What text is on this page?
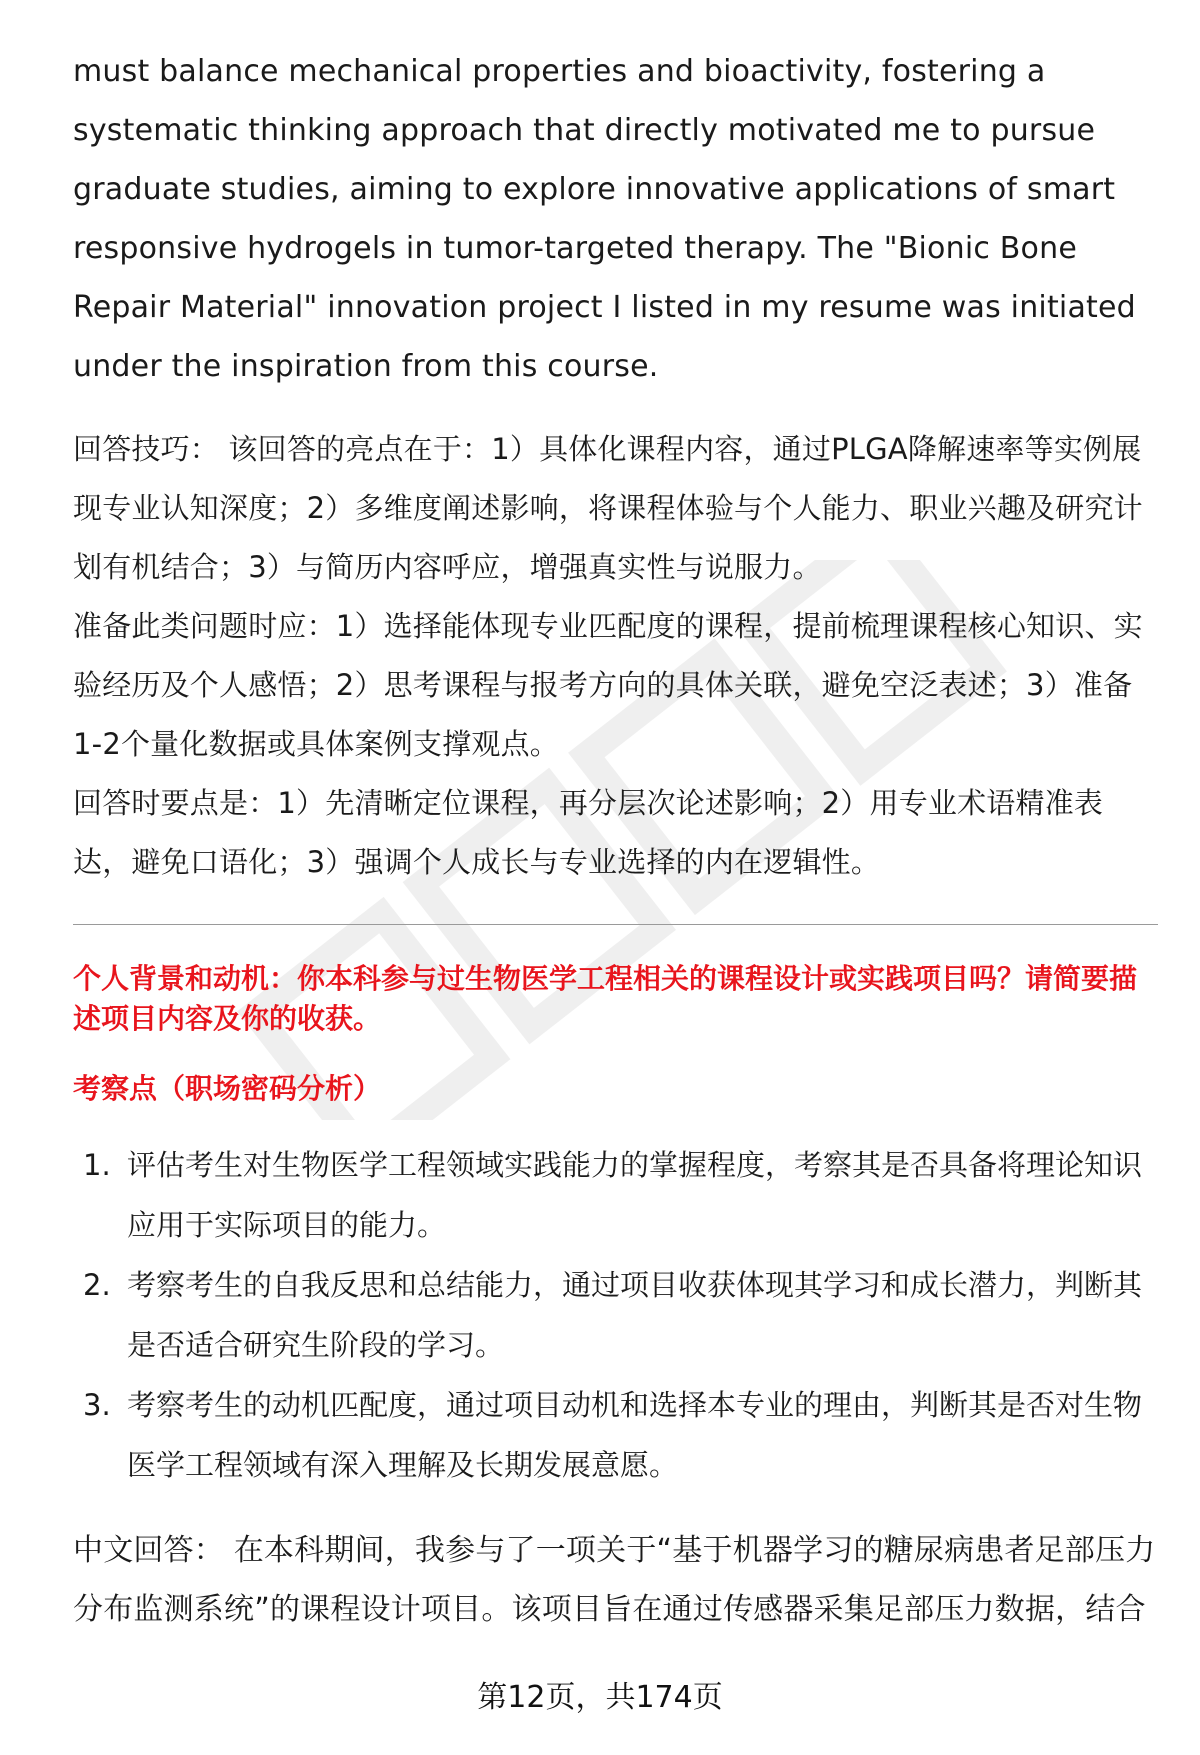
must balance mechanical properties and bioactivity, fostering a systematic thinking approach that directly motivated me to pursue graduate studies, aiming to explore innovative applications of smart responsive hydrogels in tumor-targeted therapy. The "Bionic Bone Repair Material" innovation project I listed in my resume was initiated under the inspiration from this course.

回答技巧： 该回答的亮点在于：1）具体化课程内容，通过PLGA降解速率等实例展现专业认知深度；2）多维度阐述影响，将课程体验与个人能力、职业兴趣及研究计划有机结合；3）与简历内容呼应，增强真实性与说服力。

准备此类问题时应：1）选择能体现专业匹配度的课程，提前梳理课程核心知识、实验经历及个人感悟；2）思考课程与报考方向的具体关联，避免空泛表述；3）准备1-2个量化数据或具体案例支撑观点。

回答时要点是：1）先清晰定位课程，再分层次论述影响；2）用专业术语精准表达，避免口语化；3）强调个人成长与专业选择的内在逻辑性。

个人背景和动机：你本科参与过生物医学工程相关的课程设计或实践项目吗？请简要描述项目内容及你的收获。
考察点（职场密码分析）
1. 评估考生对生物医学工程领域实践能力的掌握程度，考察其是否具备将理论知识应用于实际项目的能力。
2. 考察考生的自我反思和总结能力，通过项目收获体现其学习和成长潜力，判断其是否适合研究生阶段的学习。
3. 考察考生的动机匹配度，通过项目动机和选择本专业的理由，判断其是否对生物医学工程领域有深入理解及长期发展意愿。

中文回答： 在本科期间，我参与了一项关于“基于机器学习的糖尿病患者足部压力分布监测系统”的课程设计项目。该项目旨在通过传感器采集足部压力数据，结合

第12页，共174页
